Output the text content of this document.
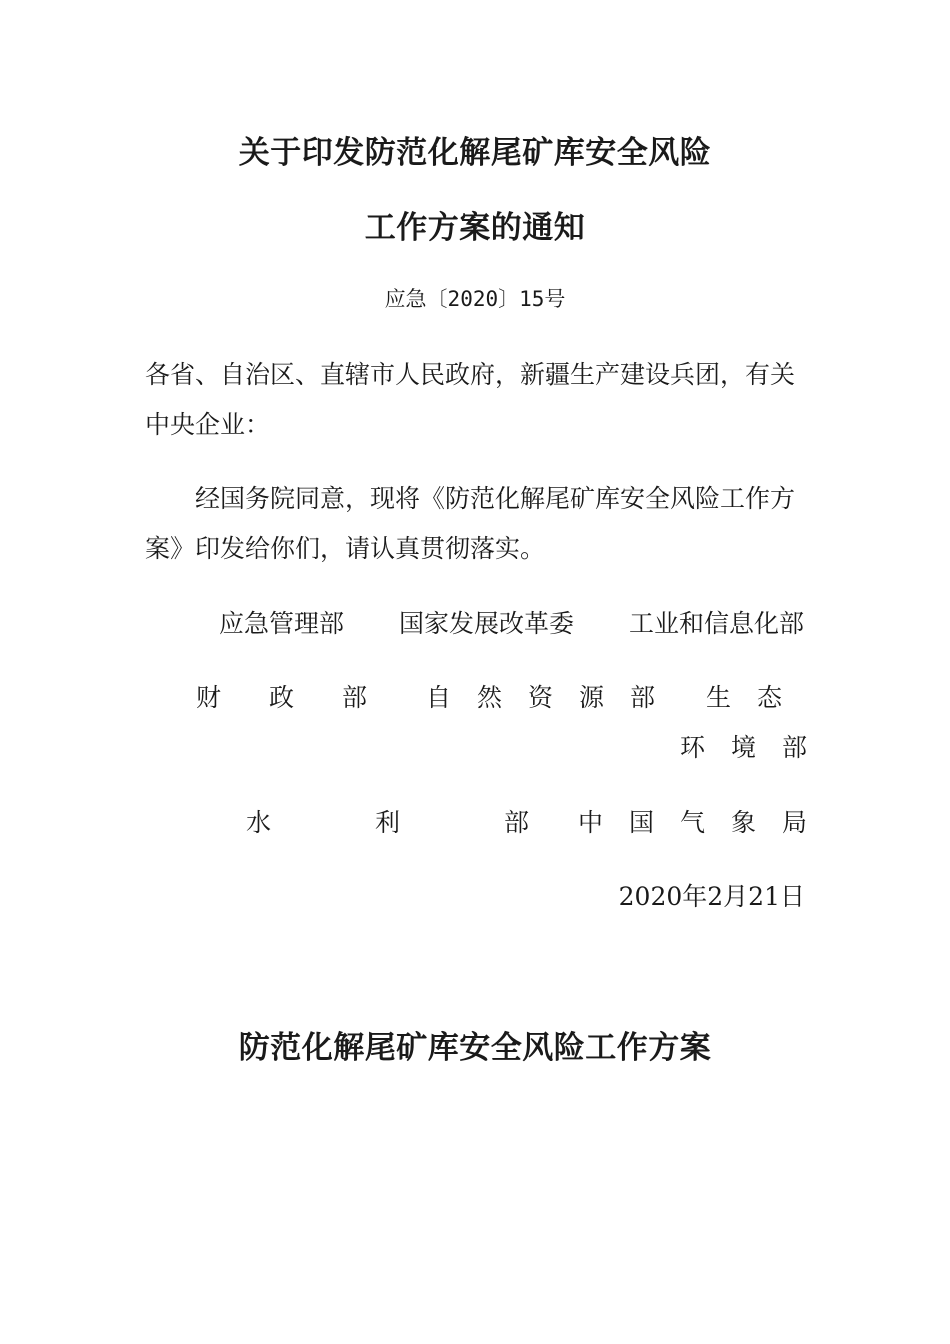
关于印发防范化解尾矿库安全风险
工作方案的通知
应急〔2020〕15号

各省、自治区、直辖市人民政府，新疆生产建设兵团，有关中央企业：

经国务院同意，现将《防范化解尾矿库安全风险工作方案》印发给你们，请认真贯彻落实。

应急管理部 国家发展改革委 工业和信息化部
财政部 自然资源部 生态
环境部
水利部
中国气象局
2020年2月21日
防范化解尾矿库安全风险工作方案
